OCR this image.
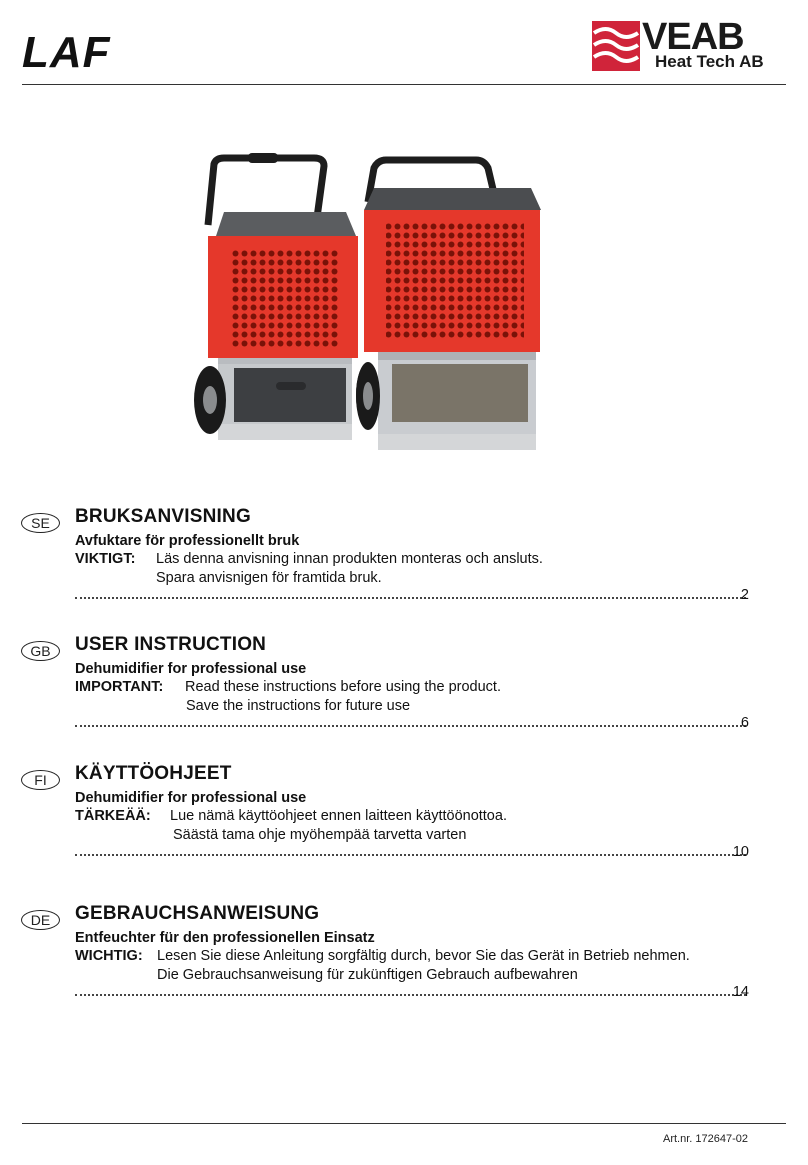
LAF	VEAB
Heat Tech AB
SE	BRUKSANVISNING
Avfuktare för professionellt bruk
VIKTIGT: Läs denna anvisning innan produkten monteras och ansluts.
Spara anvisnigen för framtida bruk.
2
GB	USER INSTRUCTION
Dehumidifier for professional use
IMPORTANT: Read these instructions before using the product.
Save the instructions for future use
6
FI	KÄYTTÖOHJEET
Dehumidifier for professional use
TÄRKEÄÄ: Lue nämä käyttöohjeet ennen laitteen käyttöönottoa.
Säästä tama ohje myöhempää tarvetta varten
10
DE	GEBRAUCHSANWEISUNG
Entfeuchter für den professionellen Einsatz
WICHTIG: Lesen Sie diese Anleitung sorgfältig durch, bevor Sie das Gerät in Betrieb nehmen.
Die Gebrauchsanweisung für zukünftigen Gebrauch aufbewahren
14
Art.nr. 172647-02
